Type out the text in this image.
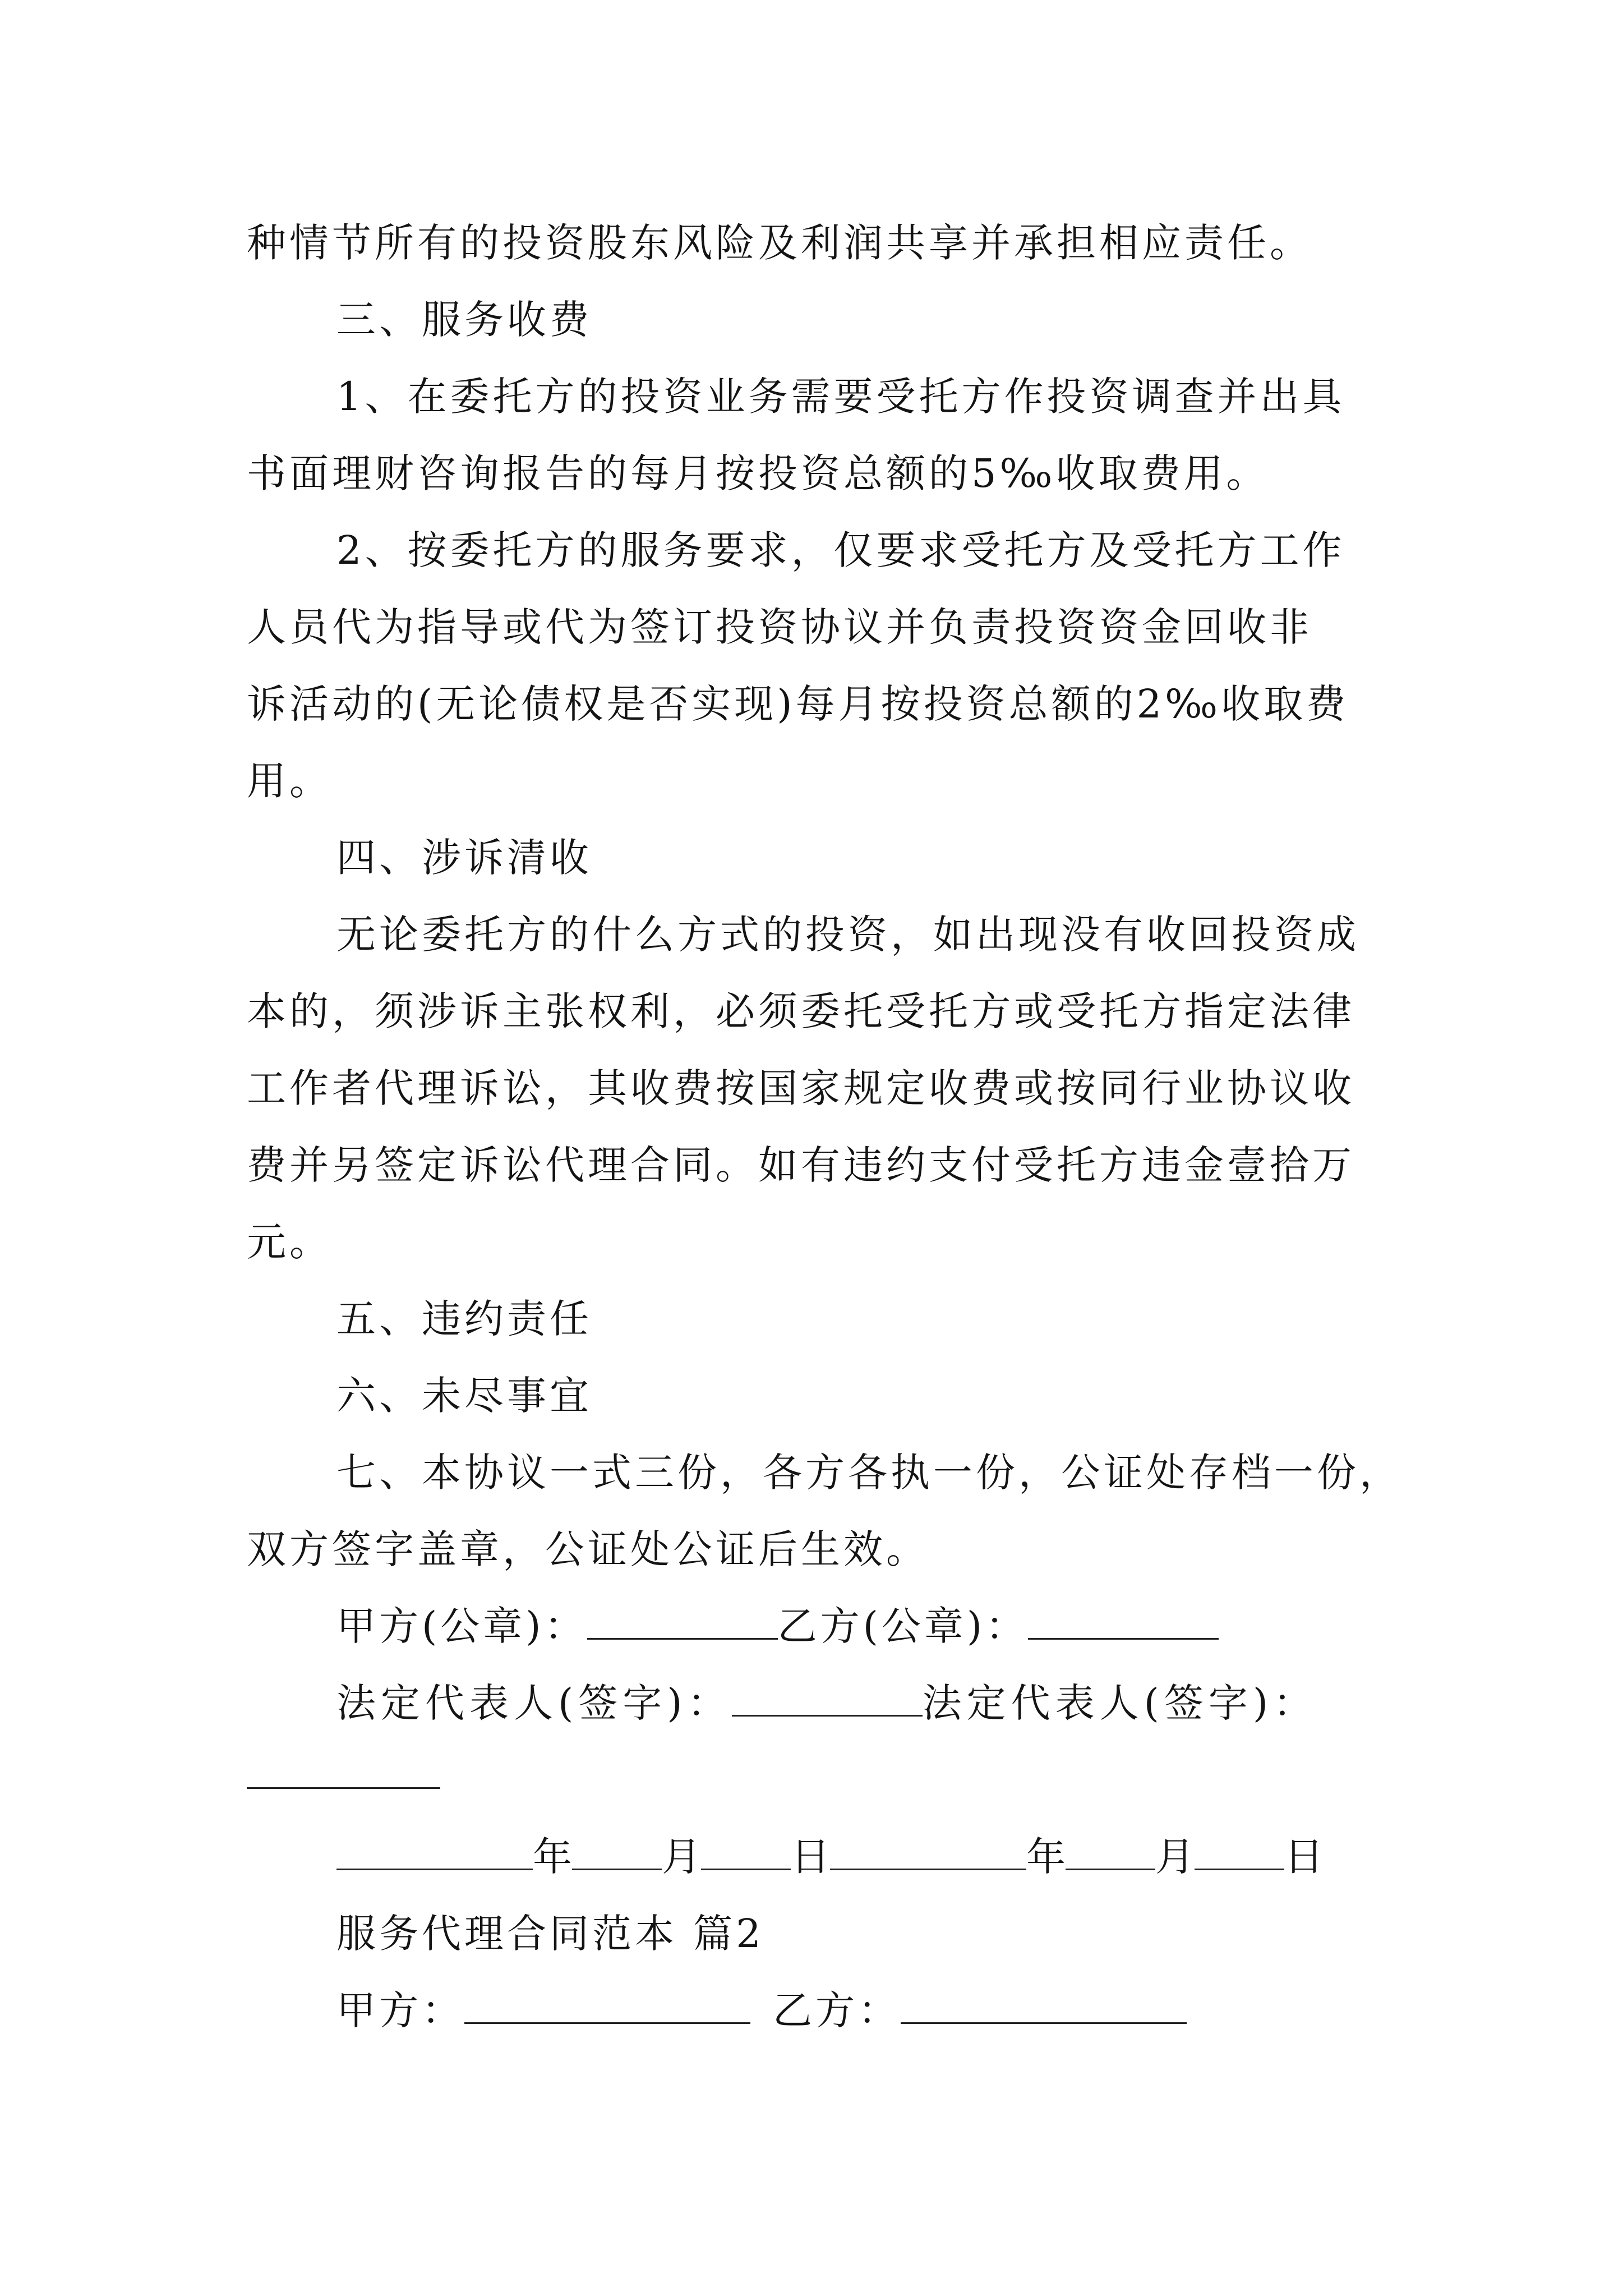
种情节所有的投资股东风险及利润共享并承担相应责任。
三、服务收费
1、在委托方的投资业务需要受托方作投资调查并出具
书面理财咨询报告的每月按投资总额的5‰收取费用。
2、按委托方的服务要求，仅要求受托方及受托方工作
人员代为指导或代为签订投资协议并负责投资资金回收非
诉活动的(无论债权是否实现)每月按投资总额的2‰收取费
用。
四、涉诉清收
无论委托方的什么方式的投资，如出现没有收回投资成
本的，须涉诉主张权利，必须委托受托方或受托方指定法律
工作者代理诉讼，其收费按国家规定收费或按同行业协议收
费并另签定诉讼代理合同。如有违约支付受托方违金壹拾万
元。
五、违约责任
六、未尽事宜
七、本协议一式三份，各方各执一份，公证处存档一份，
双方签字盖章，公证处公证后生效。
甲方(公章)：	乙方(公章)：
法定代表人(签字)：	法定代表人(签字)：
年 月 日	年 月 日
服务代理合同范本 篇2
甲方：	乙方：
